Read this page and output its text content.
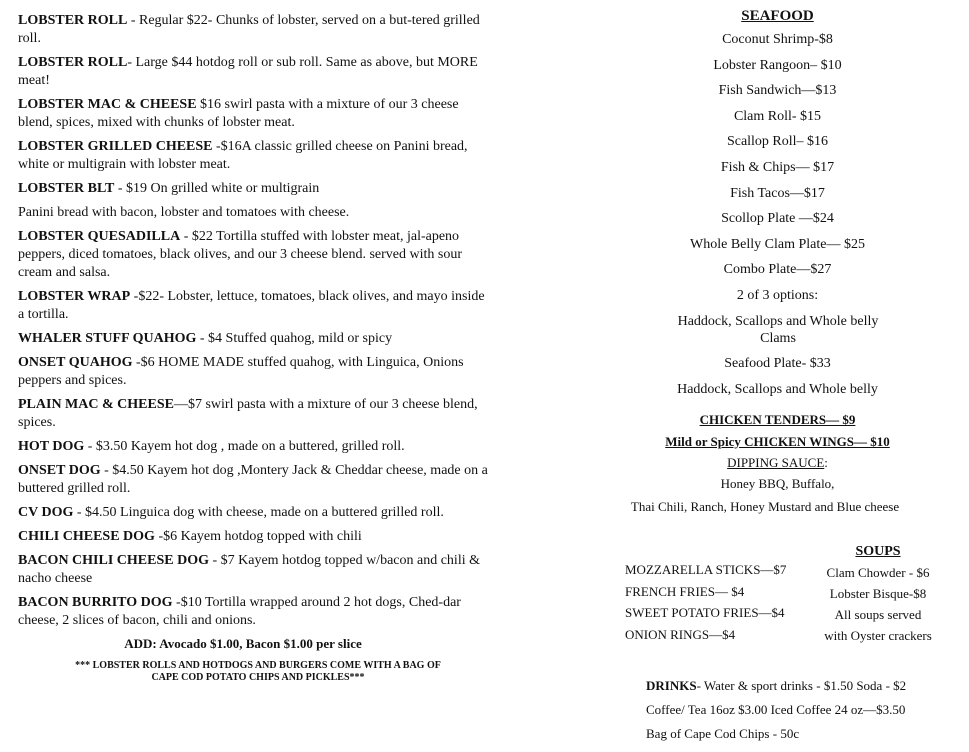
LOBSTER ROLL - Regular $22- Chunks of lobster, served on a but-tered grilled roll.
LOBSTER ROLL- Large $44 hotdog roll or sub roll. Same as above, but MORE meat!
LOBSTER MAC & CHEESE $16 swirl pasta with a mixture of our 3 cheese blend, spices, mixed with chunks of lobster meat.
LOBSTER GRILLED CHEESE -$16A classic grilled cheese on Panini bread, white or multigrain with lobster meat.
LOBSTER BLT - $19 On grilled white or multigrain
Panini bread with bacon, lobster and tomatoes with cheese.
LOBSTER QUESADILLA - $22 Tortilla stuffed with lobster meat, jal-apeno peppers, diced tomatoes, black olives, and our 3 cheese blend. served with sour cream and salsa.
LOBSTER WRAP -$22- Lobster, lettuce, tomatoes, black olives, and mayo inside a tortilla.
WHALER STUFF QUAHOG - $4 Stuffed quahog, mild or spicy
ONSET QUAHOG -$6 HOME MADE stuffed quahog, with Linguica, Onions peppers and spices.
PLAIN MAC & CHEESE—$7 swirl pasta with a mixture of our 3 cheese blend, spices.
HOT DOG - $3.50 Kayem hot dog , made on a buttered, grilled roll.
ONSET DOG - $4.50 Kayem hot dog ,Montery Jack & Cheddar cheese, made on a buttered grilled roll.
CV DOG - $4.50 Linguica dog with cheese, made on a buttered grilled roll.
CHILI CHEESE DOG -$6 Kayem hotdog topped with chili
BACON CHILI CHEESE DOG - $7 Kayem hotdog topped w/bacon and chili & nacho cheese
BACON BURRITO DOG -$10 Tortilla wrapped around 2 hot dogs, Ched-dar cheese, 2 slices of bacon, chili and onions.
ADD: Avocado $1.00, Bacon $1.00 per slice
*** LOBSTER ROLLS AND HOTDOGS AND BURGERS COME WITH A BAG OF
CAPE COD POTATO CHIPS AND PICKLES***
SEAFOOD
Coconut Shrimp-$8
Lobster Rangoon– $10
Fish Sandwich—$13
Clam Roll- $15
Scallop Roll– $16
Fish & Chips— $17
Fish Tacos—$17
Scollop Plate —$24
Whole Belly Clam Plate— $25
Combo Plate—$27
2 of 3 options:
Haddock, Scallops and Whole belly Clams
Seafood Plate- $33
Haddock, Scallops and Whole belly
CHICKEN TENDERS— $9
Mild or Spicy CHICKEN WINGS— $10
DIPPING SAUCE:
Honey BBQ, Buffalo,
Thai Chili, Ranch, Honey Mustard and Blue cheese
MOZZARELLA STICKS—$7
FRENCH FRIES— $4
SWEET POTATO FRIES—$4
ONION RINGS—$4
SOUPS
Clam Chowder - $6
Lobster Bisque-$8
All soups served
with Oyster crackers
DRINKS- Water & sport drinks - $1.50 Soda - $2
Coffee/ Tea 16oz $3.00 Iced Coffee 24 oz—$3.50
Bag of Cape Cod Chips - 50c
